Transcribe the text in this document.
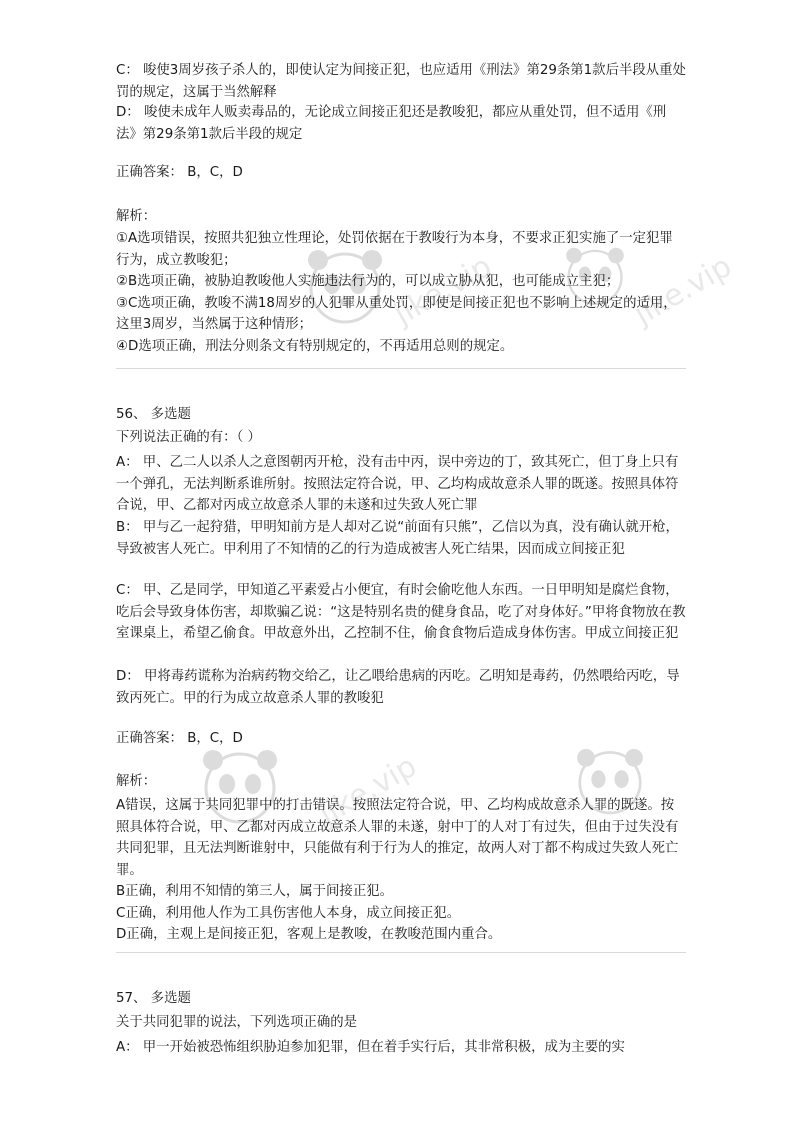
jike.vip	jike.vip
jike.vip

C： 唆使3周岁孩子杀人的，即使认定为间接正犯，也应适用《刑法》第29条第1款后半段从重处罚的规定，这属于当然解释

D： 唆使未成年人贩卖毒品的，无论成立间接正犯还是教唆犯，都应从重处罚，但不适用《刑法》第29条第1款后半段的规定

正确答案： B，C，D

解析：

①A选项错误，按照共犯独立性理论，处罚依据在于教唆行为本身，不要求正犯实施了一定犯罪行为，成立教唆犯；

②B选项正确，被胁迫教唆他人实施违法行为的，可以成立胁从犯，也可能成立主犯；

③C选项正确，教唆不满18周岁的人犯罪从重处罚，即使是间接正犯也不影响上述规定的适用，这里3周岁，当然属于这种情形；

④D选项正确，刑法分则条文有特别规定的，不再适用总则的规定。

56、 多选题

下列说法正确的有：（ ）

A： 甲、乙二人以杀人之意图朝丙开枪，没有击中丙，误中旁边的丁，致其死亡，但丁身上只有一个弹孔，无法判断系谁所射。按照法定符合说，甲、乙均构成故意杀人罪的既遂。按照具体符合说，甲、乙都对丙成立故意杀人罪的未遂和过失致人死亡罪

B： 甲与乙一起狩猎，甲明知前方是人却对乙说“前面有只熊”，乙信以为真，没有确认就开枪，导致被害人死亡。甲利用了不知情的乙的行为造成被害人死亡结果，因而成立间接正犯

C： 甲、乙是同学，甲知道乙平素爱占小便宜，有时会偷吃他人东西。一日甲明知是腐烂食物，吃后会导致身体伤害，却欺骗乙说：“这是特别名贵的健身食品，吃了对身体好。”甲将食物放在教室课桌上，希望乙偷食。甲故意外出，乙控制不住，偷食食物后造成身体伤害。甲成立间接正犯

D： 甲将毒药谎称为治病药物交给乙，让乙喂给患病的丙吃。乙明知是毒药，仍然喂给丙吃，导致丙死亡。甲的行为成立故意杀人罪的教唆犯

正确答案： B，C，D

解析：

A错误，这属于共同犯罪中的打击错误。按照法定符合说，甲、乙均构成故意杀人罪的既遂。按照具体符合说，甲、乙都对丙成立故意杀人罪的未遂，射中丁的人对丁有过失，但由于过失没有共同犯罪，且无法判断谁射中，只能做有利于行为人的推定，故两人对丁都不构成过失致人死亡罪。

B正确，利用不知情的第三人，属于间接正犯。

C正确，利用他人作为工具伤害他人本身，成立间接正犯。

D正确，主观上是间接正犯，客观上是教唆，在教唆范围内重合。

57、 多选题

关于共同犯罪的说法，下列选项正确的是

A： 甲一开始被恐怖组织胁迫参加犯罪，但在着手实行后，其非常积极，成为主要的实
